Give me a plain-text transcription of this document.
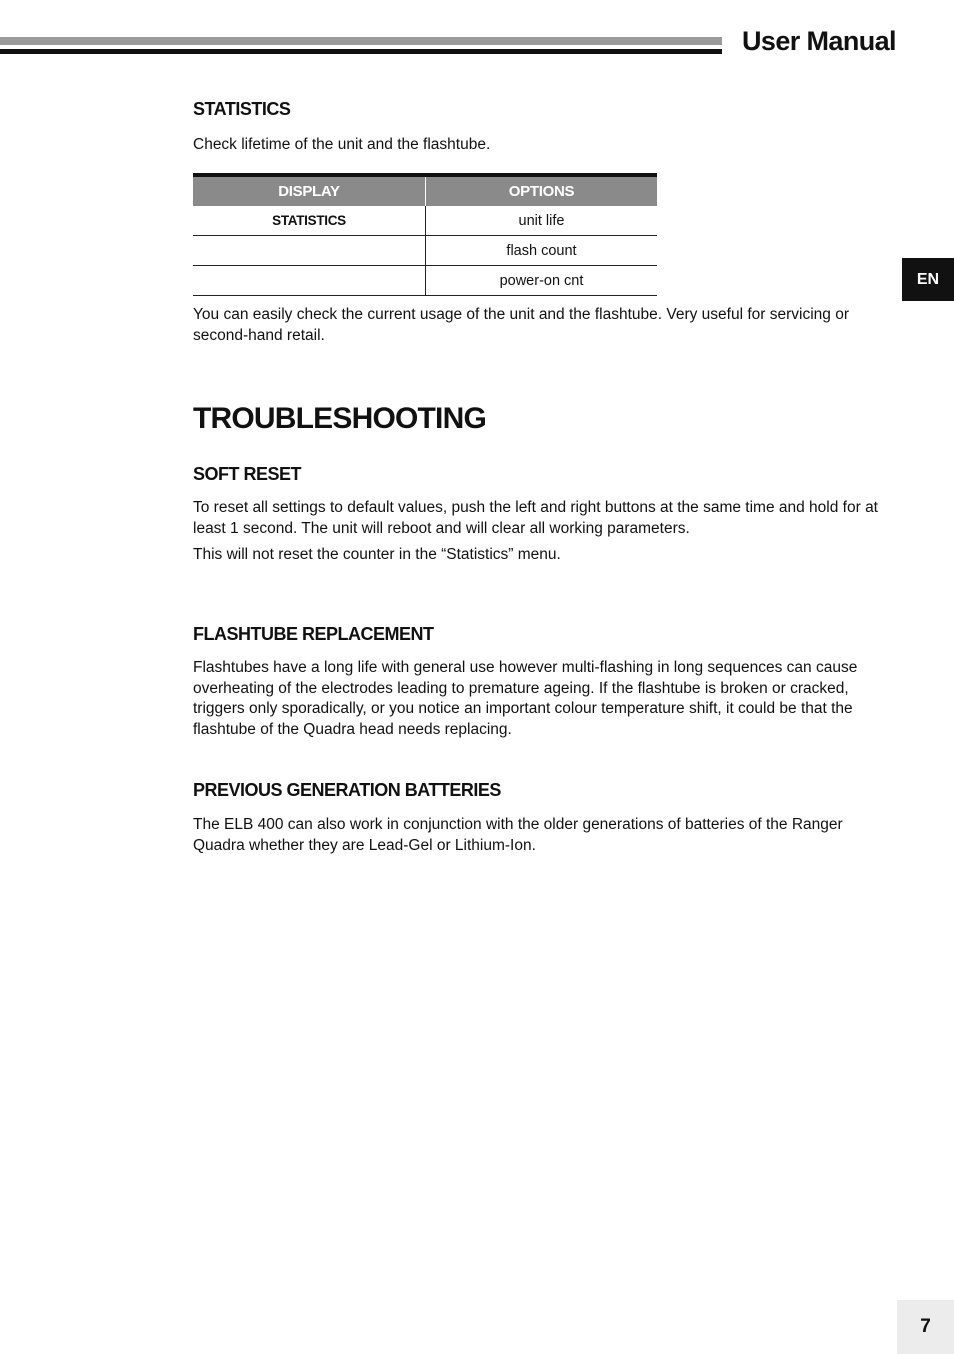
User Manual
EN
7
STATISTICS

Check lifetime of the unit and the flashtube.

DISPLAY	OPTIONS
STATISTICS	unit life
	flash count
	power-on cnt

You can easily check the current usage of the unit and the flashtube. Very useful for servicing or second-hand retail.

TROUBLESHOOTING
SOFT RESET

To reset all settings to default values, push the left and right buttons at the same time and hold for at least 1 second. The unit will reboot and will clear all working parameters.

This will not reset the counter in the “Statistics” menu.

FLASHTUBE REPLACEMENT

Flashtubes have a long life with general use however multi-flashing in long sequences can cause overheating of the electrodes leading to premature ageing. If the flashtube is broken or cracked, triggers only sporadically, or you notice an important colour temperature shift, it could be that the flashtube of the Quadra head needs replacing.

PREVIOUS GENERATION BATTERIES

The ELB 400 can also work in conjunction with the older generations of batteries of the Ranger Quadra whether they are Lead-Gel or Lithium-Ion.
